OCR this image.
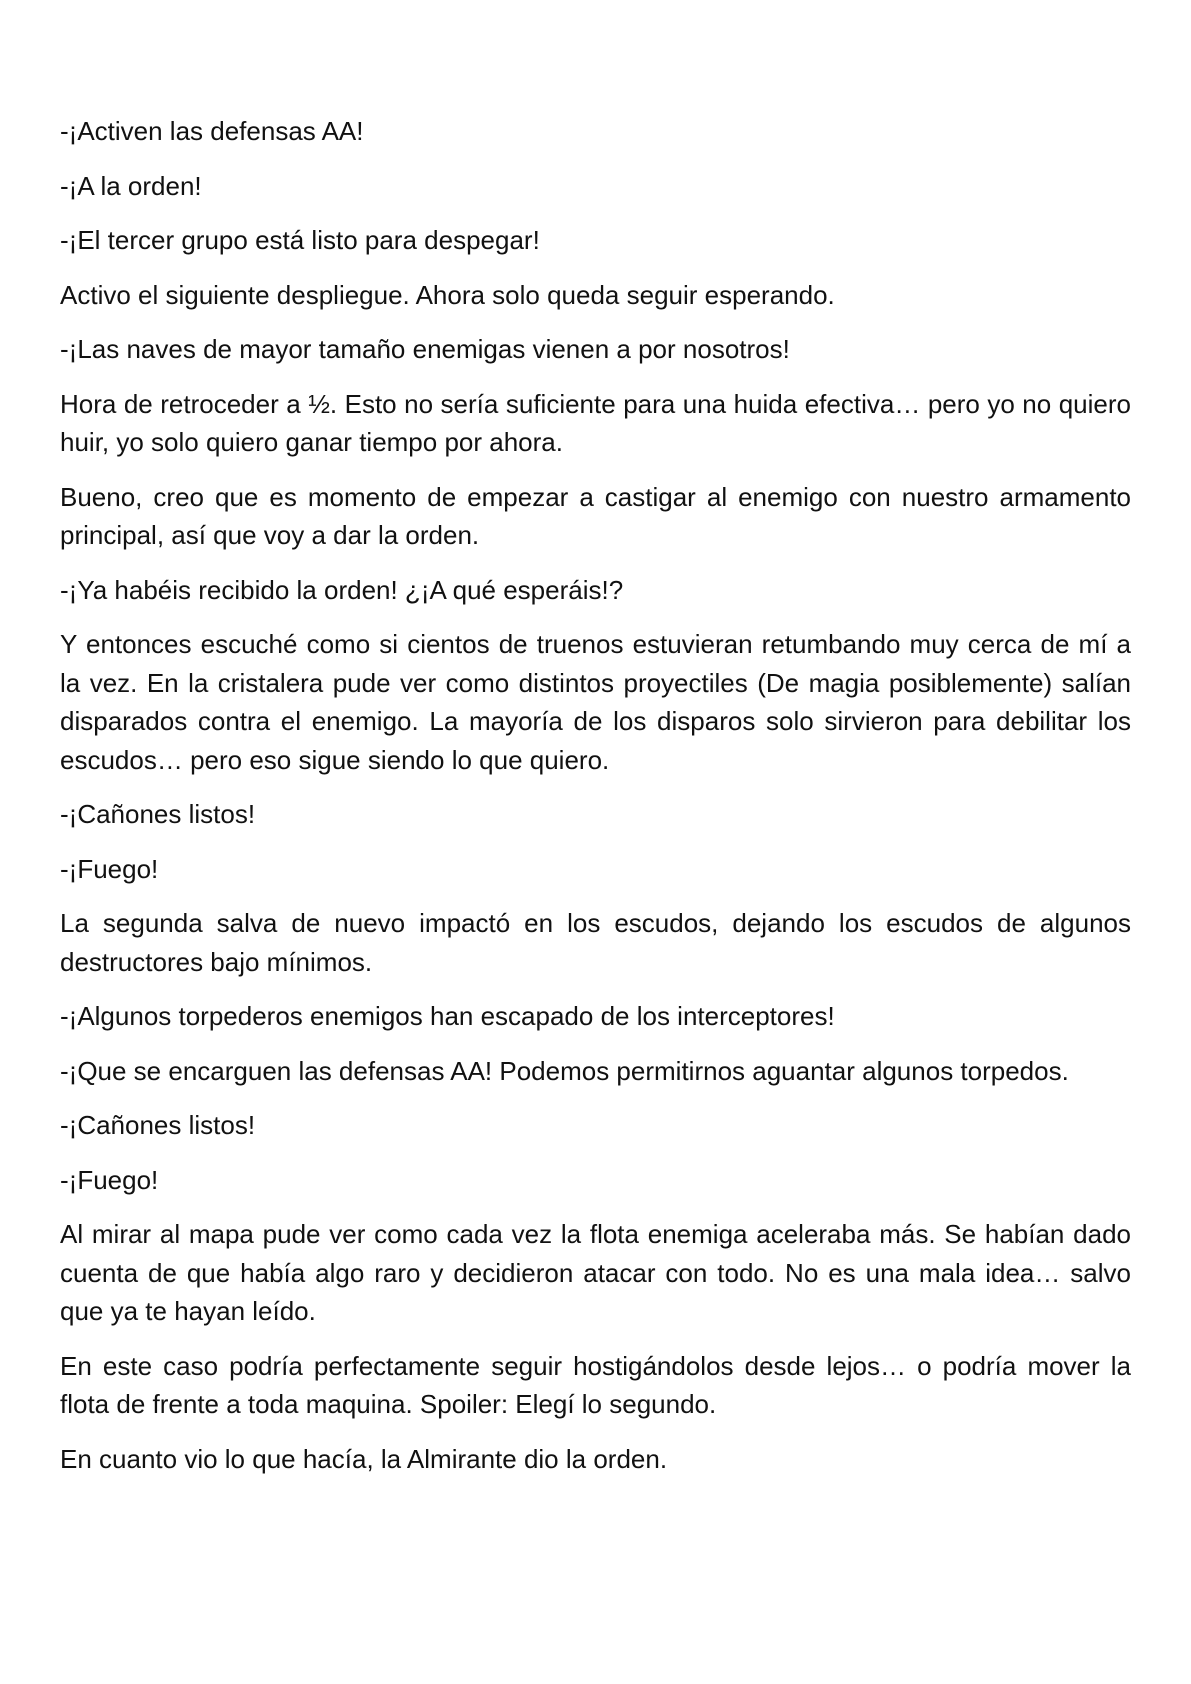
-¡Activen las defensas AA!

-¡A la orden!

-¡El tercer grupo está listo para despegar!

Activo el siguiente despliegue. Ahora solo queda seguir esperando.

-¡Las naves de mayor tamaño enemigas vienen a por nosotros!

Hora de retroceder a ½. Esto no sería suficiente para una huida efectiva… pero yo no quiero huir, yo solo quiero ganar tiempo por ahora.

Bueno, creo que es momento de empezar a castigar al enemigo con nuestro armamento principal, así que voy a dar la orden.

-¡Ya habéis recibido la orden! ¿¡A qué esperáis!?

Y entonces escuché como si cientos de truenos estuvieran retumbando muy cerca de mí a la vez. En la cristalera pude ver como distintos proyectiles (De magia posiblemente) salían disparados contra el enemigo. La mayoría de los disparos solo sirvieron para debilitar los escudos… pero eso sigue siendo lo que quiero.

-¡Cañones listos!

-¡Fuego!

La segunda salva de nuevo impactó en los escudos, dejando los escudos de algunos destructores bajo mínimos.

-¡Algunos torpederos enemigos han escapado de los interceptores!

-¡Que se encarguen las defensas AA! Podemos permitirnos aguantar algunos torpedos.

-¡Cañones listos!

-¡Fuego!

Al mirar al mapa pude ver como cada vez la flota enemiga aceleraba más. Se habían dado cuenta de que había algo raro y decidieron atacar con todo. No es una mala idea… salvo que ya te hayan leído.

En este caso podría perfectamente seguir hostigándolos desde lejos… o podría mover la flota de frente a toda maquina. Spoiler: Elegí lo segundo.

En cuanto vio lo que hacía, la Almirante dio la orden.
